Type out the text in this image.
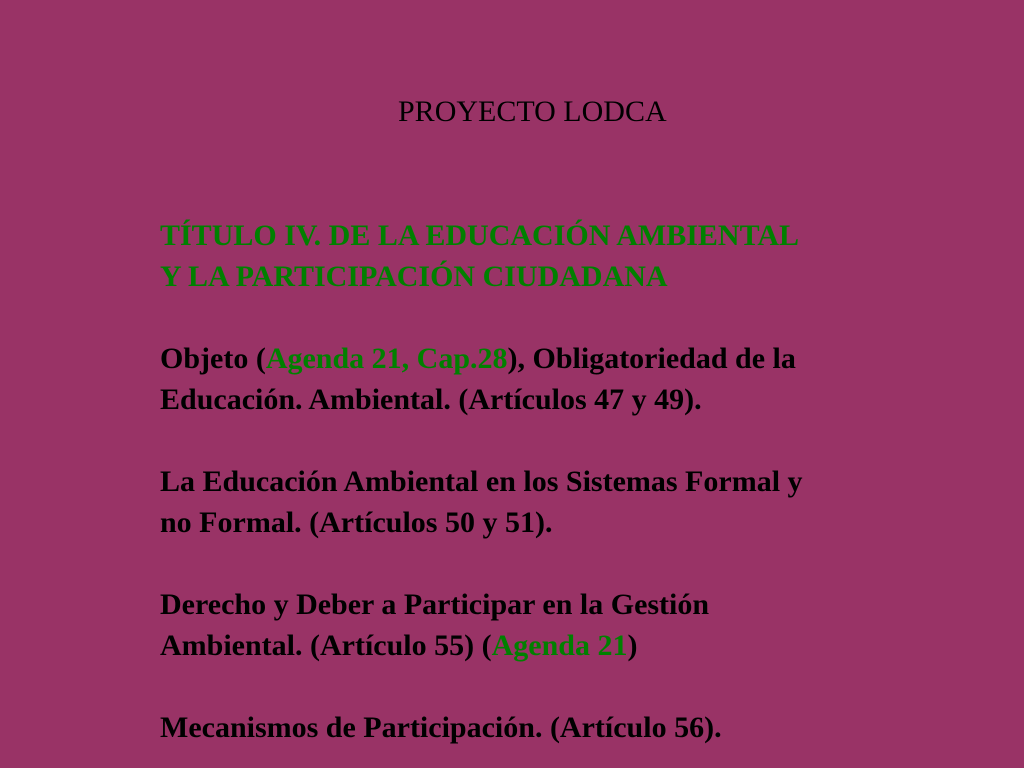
PROYECTO LODCA
TÍTULO IV. DE LA EDUCACIÓN AMBIENTAL
Y LA PARTICIPACIÓN CIUDADANA
Objeto (Agenda 21, Cap.28), Obligatoriedad de la
Educación. Ambiental. (Artículos 47 y 49).
La Educación Ambiental en los Sistemas Formal y
no Formal. (Artículos 50 y 51).
Derecho y Deber a Participar en la Gestión
Ambiental. (Artículo 55) (Agenda 21)
Mecanismos de Participación. (Artículo 56).
